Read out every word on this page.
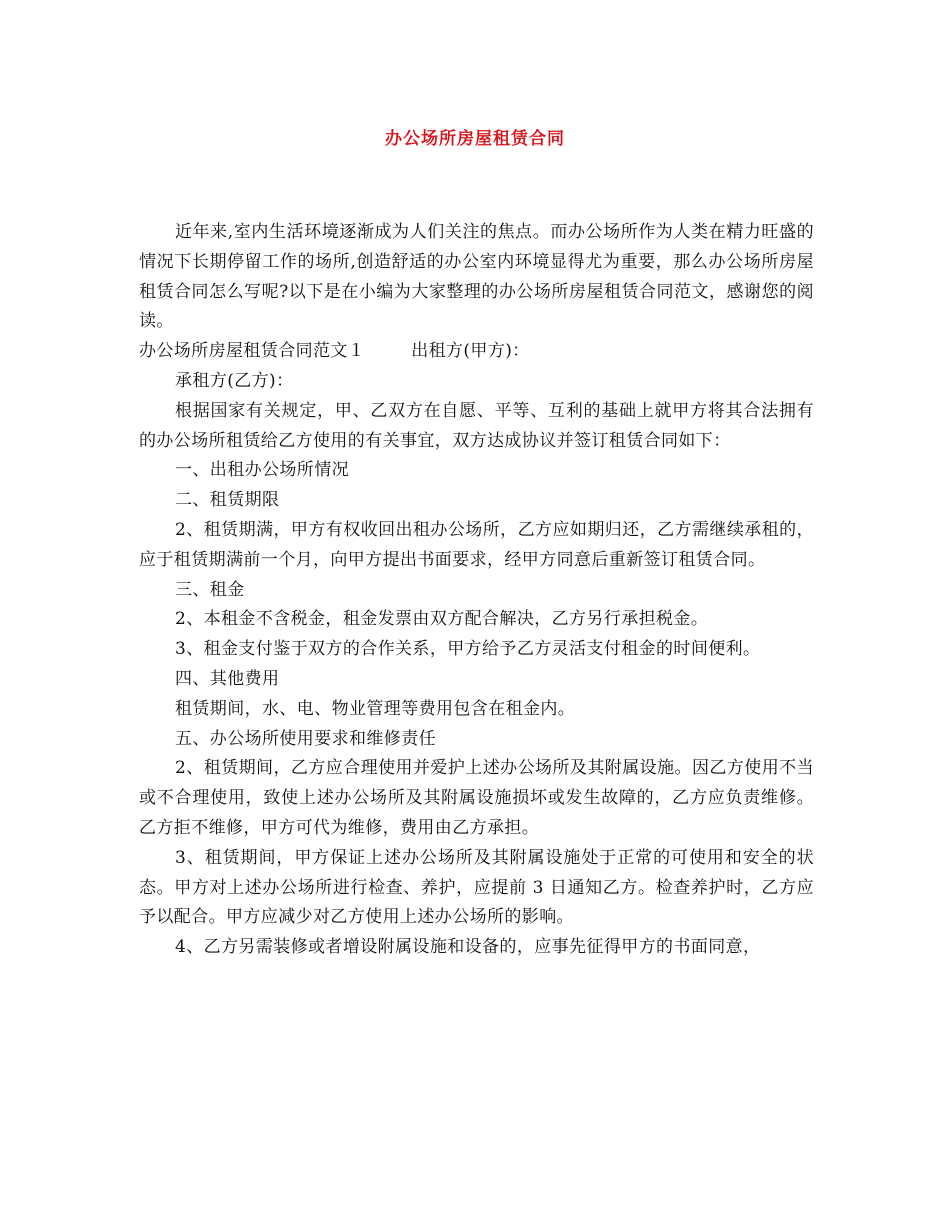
办公场所房屋租赁合同

近年来,室内生活环境逐渐成为人们关注的焦点。而办公场所作为人类在精力旺盛的情况下长期停留工作的场所,创造舒适的办公室内环境显得尤为重要，那么办公场所房屋租赁合同怎么写呢?以下是在小编为大家整理的办公场所房屋租赁合同范文，感谢您的阅读。

办公场所房屋租赁合同范文１	出租方(甲方)：

承租方(乙方)：

根据国家有关规定，甲、乙双方在自愿、平等、互利的基础上就甲方将其合法拥有的办公场所租赁给乙方使用的有关事宜，双方达成协议并签订租赁合同如下：

一、出租办公场所情况

二、租赁期限

2、租赁期满，甲方有权收回出租办公场所，乙方应如期归还，乙方需继续承租的，应于租赁期满前一个月，向甲方提出书面要求，经甲方同意后重新签订租赁合同。

三、租金

2、本租金不含税金，租金发票由双方配合解决，乙方另行承担税金。

3、租金支付鉴于双方的合作关系，甲方给予乙方灵活支付租金的时间便利。

四、其他费用

租赁期间，水、电、物业管理等费用包含在租金内。

五、办公场所使用要求和维修责任

2、租赁期间，乙方应合理使用并爱护上述办公场所及其附属设施。因乙方使用不当或不合理使用，致使上述办公场所及其附属设施损坏或发生故障的，乙方应负责维修。乙方拒不维修，甲方可代为维修，费用由乙方承担。

3、租赁期间，甲方保证上述办公场所及其附属设施处于正常的可使用和安全的状态。甲方对上述办公场所进行检查、养护，应提前 3 日通知乙方。检查养护时，乙方应予以配合。甲方应减少对乙方使用上述办公场所的影响。

4、乙方另需装修或者增设附属设施和设备的，应事先征得甲方的书面同意，
